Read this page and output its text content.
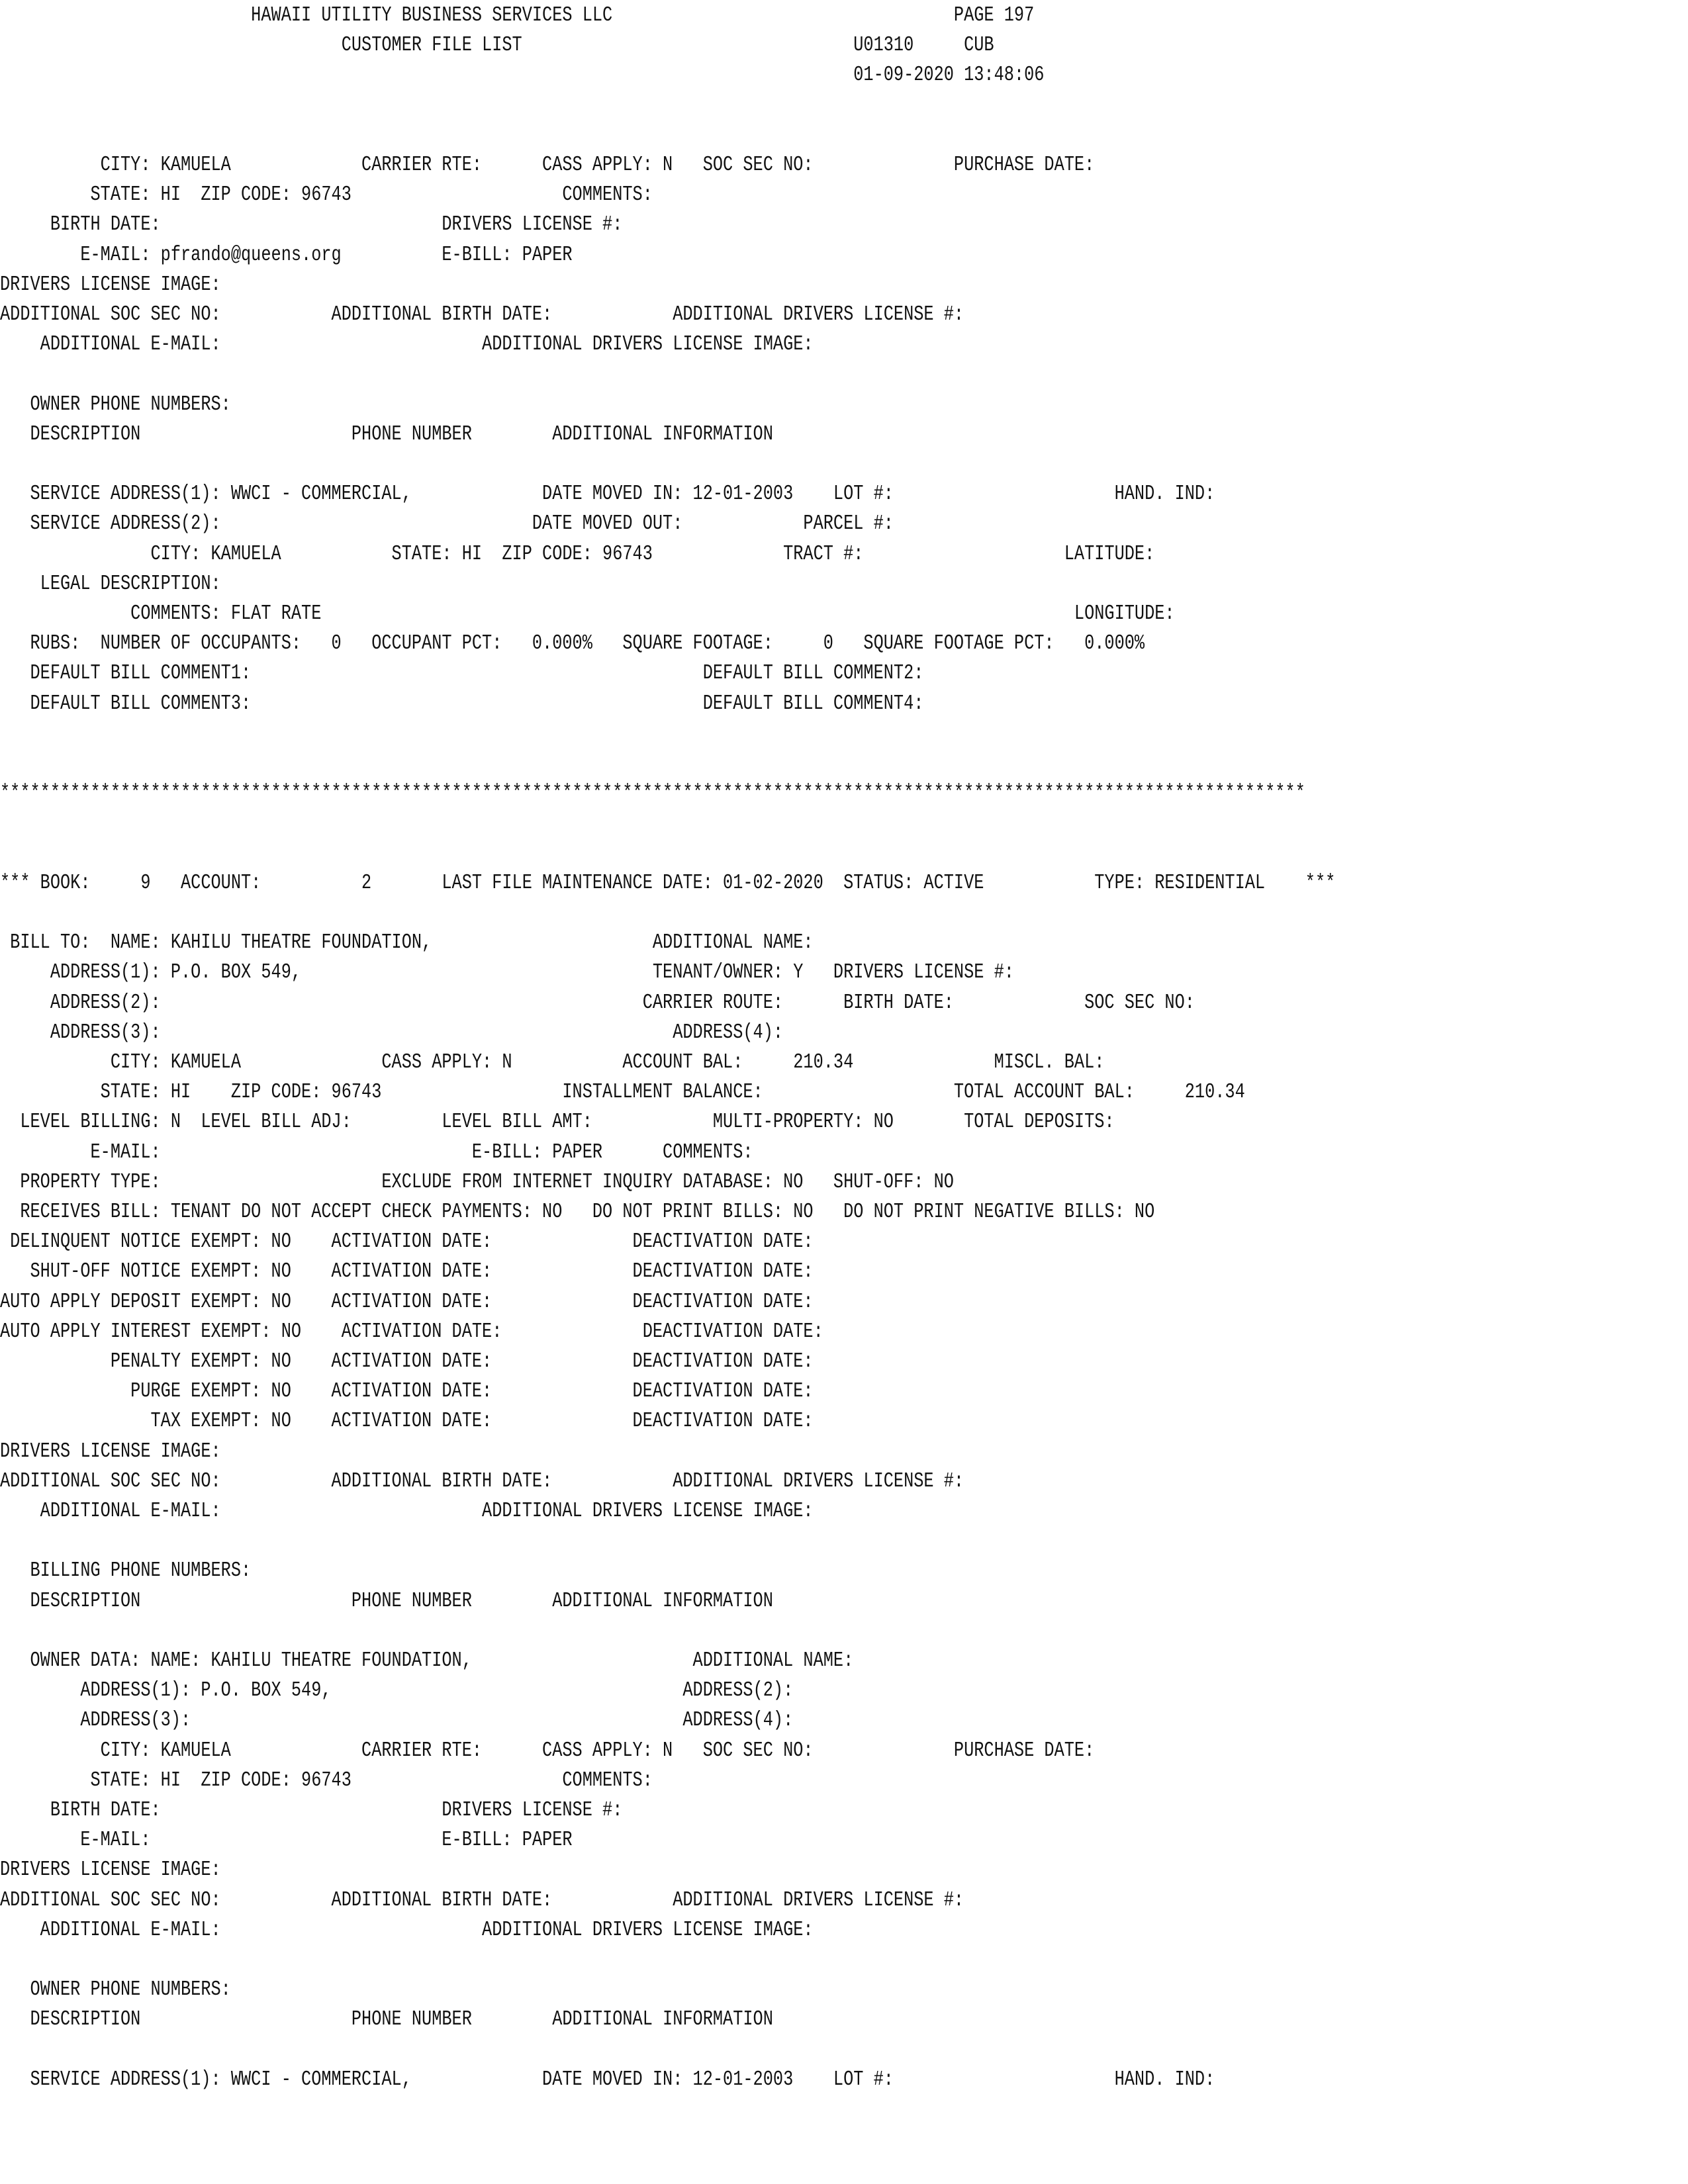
HAWAII UTILITY BUSINESS SERVICES LLC                                  PAGE 197
CUSTOMER FILE LIST                                 U01310     CUB
01-09-2020 13:48:06
CITY: KAMUELA             CARRIER RTE:      CASS APPLY: N   SOC SEC NO:              PURCHASE DATE:
STATE: HI  ZIP CODE: 96743                     COMMENTS:
BIRTH DATE:                            DRIVERS LICENSE #:
E-MAIL: pfrando@queens.org          E-BILL: PAPER
DRIVERS LICENSE IMAGE:
ADDITIONAL SOC SEC NO:           ADDITIONAL BIRTH DATE:            ADDITIONAL DRIVERS LICENSE #:
ADDITIONAL E-MAIL:                          ADDITIONAL DRIVERS LICENSE IMAGE:
OWNER PHONE NUMBERS:
DESCRIPTION                     PHONE NUMBER        ADDITIONAL INFORMATION
SERVICE ADDRESS(1): WWCI - COMMERCIAL,             DATE MOVED IN: 12-01-2003    LOT #:                      HAND. IND:
SERVICE ADDRESS(2):                               DATE MOVED OUT:            PARCEL #:
CITY: KAMUELA           STATE: HI  ZIP CODE: 96743             TRACT #:                    LATITUDE:
LEGAL DESCRIPTION:
COMMENTS: FLAT RATE                                                                           LONGITUDE:
RUBS:  NUMBER OF OCCUPANTS:   0   OCCUPANT PCT:   0.000%   SQUARE FOOTAGE:     0   SQUARE FOOTAGE PCT:   0.000%
DEFAULT BILL COMMENT1:                                             DEFAULT BILL COMMENT2:
DEFAULT BILL COMMENT3:                                             DEFAULT BILL COMMENT4:
**********************************************************************************************************************************
*** BOOK:     9   ACCOUNT:          2       LAST FILE MAINTENANCE DATE: 01-02-2020  STATUS: ACTIVE           TYPE: RESIDENTIAL    ***
BILL TO:  NAME: KAHILU THEATRE FOUNDATION,                      ADDITIONAL NAME:
ADDRESS(1): P.O. BOX 549,                                   TENANT/OWNER: Y   DRIVERS LICENSE #:
ADDRESS(2):                                                CARRIER ROUTE:      BIRTH DATE:             SOC SEC NO:
ADDRESS(3):                                                   ADDRESS(4):
CITY: KAMUELA              CASS APPLY: N           ACCOUNT BAL:     210.34              MISCL. BAL:
STATE: HI    ZIP CODE: 96743                  INSTALLMENT BALANCE:                   TOTAL ACCOUNT BAL:     210.34
LEVEL BILLING: N  LEVEL BILL ADJ:         LEVEL BILL AMT:            MULTI-PROPERTY: NO       TOTAL DEPOSITS:
E-MAIL:                               E-BILL: PAPER      COMMENTS:
PROPERTY TYPE:                      EXCLUDE FROM INTERNET INQUIRY DATABASE: NO   SHUT-OFF: NO
RECEIVES BILL: TENANT DO NOT ACCEPT CHECK PAYMENTS: NO   DO NOT PRINT BILLS: NO   DO NOT PRINT NEGATIVE BILLS: NO
DELINQUENT NOTICE EXEMPT: NO    ACTIVATION DATE:              DEACTIVATION DATE:
SHUT-OFF NOTICE EXEMPT: NO    ACTIVATION DATE:              DEACTIVATION DATE:
AUTO APPLY DEPOSIT EXEMPT: NO    ACTIVATION DATE:              DEACTIVATION DATE:
AUTO APPLY INTEREST EXEMPT: NO    ACTIVATION DATE:              DEACTIVATION DATE:
PENALTY EXEMPT: NO    ACTIVATION DATE:              DEACTIVATION DATE:
PURGE EXEMPT: NO    ACTIVATION DATE:              DEACTIVATION DATE:
TAX EXEMPT: NO    ACTIVATION DATE:              DEACTIVATION DATE:
DRIVERS LICENSE IMAGE:
ADDITIONAL SOC SEC NO:           ADDITIONAL BIRTH DATE:            ADDITIONAL DRIVERS LICENSE #:
ADDITIONAL E-MAIL:                          ADDITIONAL DRIVERS LICENSE IMAGE:
BILLING PHONE NUMBERS:
DESCRIPTION                     PHONE NUMBER        ADDITIONAL INFORMATION
OWNER DATA: NAME: KAHILU THEATRE FOUNDATION,                      ADDITIONAL NAME:
ADDRESS(1): P.O. BOX 549,                                   ADDRESS(2):
ADDRESS(3):                                                 ADDRESS(4):
CITY: KAMUELA             CARRIER RTE:      CASS APPLY: N   SOC SEC NO:              PURCHASE DATE:
STATE: HI  ZIP CODE: 96743                     COMMENTS:
BIRTH DATE:                            DRIVERS LICENSE #:
E-MAIL:                             E-BILL: PAPER
DRIVERS LICENSE IMAGE:
ADDITIONAL SOC SEC NO:           ADDITIONAL BIRTH DATE:            ADDITIONAL DRIVERS LICENSE #:
ADDITIONAL E-MAIL:                          ADDITIONAL DRIVERS LICENSE IMAGE:
OWNER PHONE NUMBERS:
DESCRIPTION                     PHONE NUMBER        ADDITIONAL INFORMATION
SERVICE ADDRESS(1): WWCI - COMMERCIAL,             DATE MOVED IN: 12-01-2003    LOT #:                      HAND. IND:
